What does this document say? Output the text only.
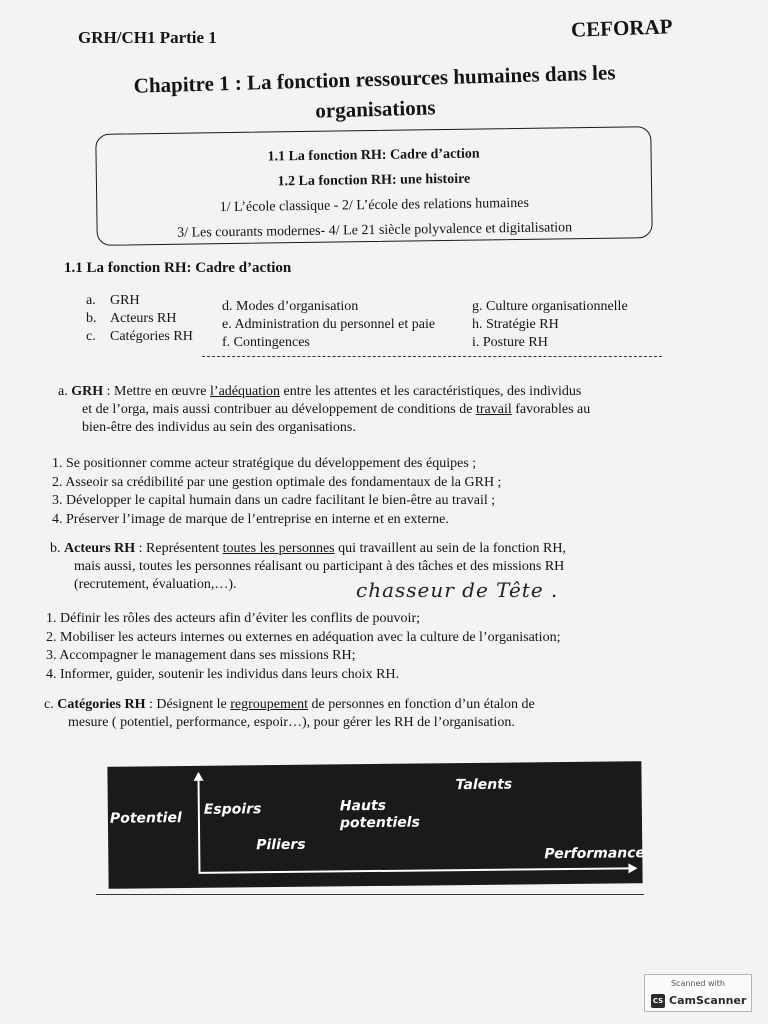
GRH/CH1 Partie 1	CEFORAP
Chapitre 1 : La fonction ressources humaines dans les
organisations
1.1 La fonction RH: Cadre d’action
1.2 La fonction RH: une histoire
1/ L’école classique - 2/ L’école des relations humaines
3/ Les courants modernes- 4/ Le 21 siècle polyvalence et digitalisation
1.1 La fonction RH: Cadre d’action
a. GRH
b. Acteurs RH
c. Catégories RH
d. Modes d’organisation
e. Administration du personnel et paie
f. Contingences
g. Culture organisationnelle
h. Stratégie RH
i. Posture RH
a. GRH : Mettre en œuvre l’adéquation entre les attentes et les caractéristiques, des individus
et de l’orga, mais aussi contribuer au développement de conditions de travail favorables au
bien-être des individus au sein des organisations.
1. Se positionner comme acteur stratégique du développement des équipes ;
2. Asseoir sa crédibilité par une gestion optimale des fondamentaux de la GRH ;
3. Développer le capital humain dans un cadre facilitant le bien-être au travail ;
4. Préserver l’image de marque de l’entreprise en interne et en externe.
b. Acteurs RH : Représentent toutes les personnes qui travaillent au sein de la fonction RH,
mais aussi, toutes les personnes réalisant ou participant à des tâches et des missions RH
(recrutement, évaluation,…).	chasseur de Tête .
1. Définir les rôles des acteurs afin d’éviter les conflits de pouvoir;
2. Mobiliser les acteurs internes ou externes en adéquation avec la culture de l’organisation;
3. Accompagner le management dans ses missions RH;
4. Informer, guider, soutenir les individus dans leurs choix RH.
c. Catégories RH : Désignent le regroupement de personnes en fonction d’un étalon de
mesure ( potentiel, performance, espoir…), pour gérer les RH de l’organisation.
Potentiel
Espoirs	Hauts potentiels
Talents
Piliers
Performance
Scanned with
CS CamScanner
